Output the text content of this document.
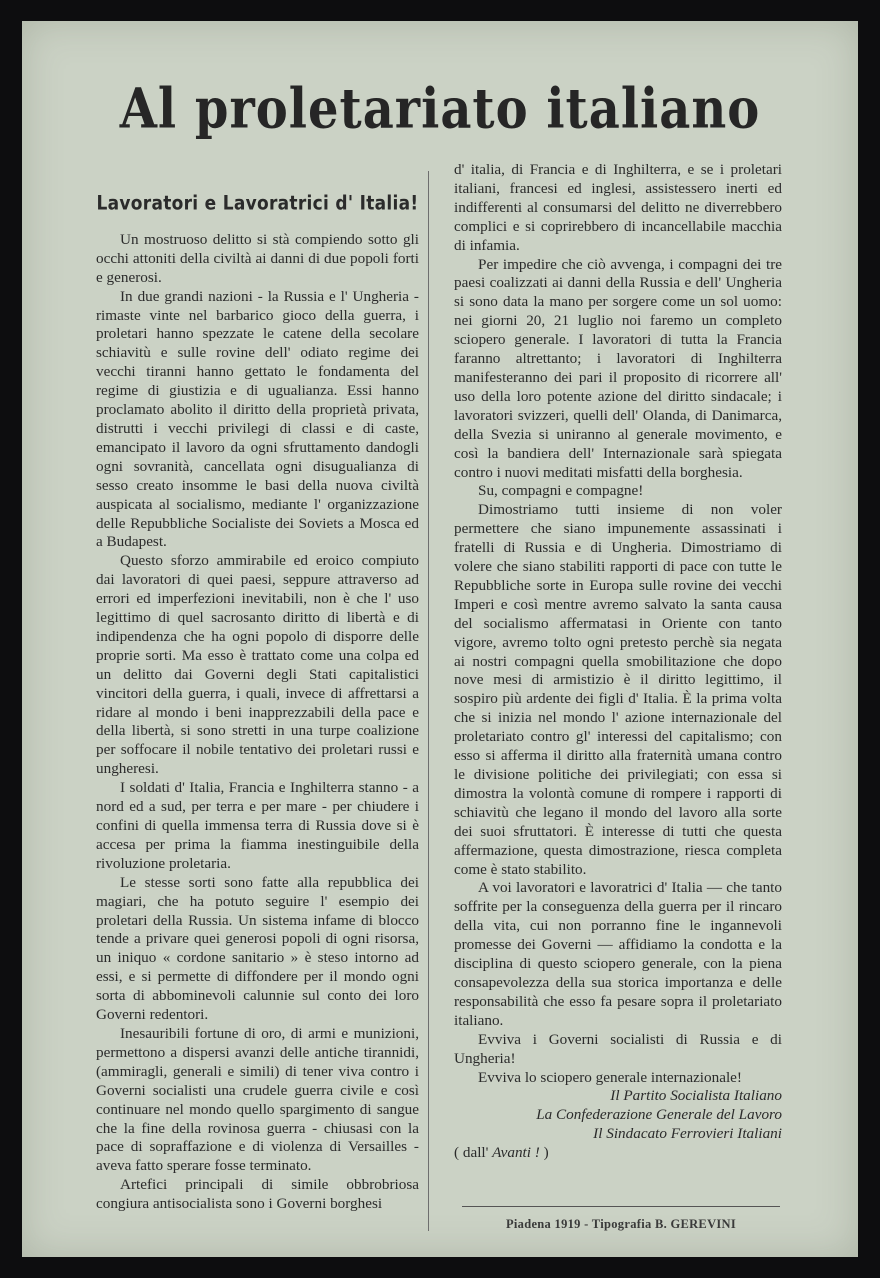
Al proletariato italiano
Lavoratori e Lavoratrici d' Italia!

Un mostruoso delitto si stà compiendo sotto gli occhi attoniti della civiltà ai danni di due popoli forti e generosi.

In due grandi nazioni - la Russia e l' Ungheria - rimaste vinte nel barbarico gioco della guerra, i proletari hanno spezzate le catene della secolare schiavitù e sulle rovine dell' odiato regime dei vecchi tiranni hanno gettato le fondamenta del regime di giustizia e di ugualianza. Essi hanno proclamato abolito il diritto della proprietà privata, distrutti i vecchi privilegi di classi e di caste, emancipato il lavoro da ogni sfruttamento dandogli ogni sovranità, cancellata ogni disugualianza di sesso creato insomme le basi della nuova civiltà auspicata al socialismo, mediante l' organizzazione delle Repubbliche Socialiste dei Soviets a Mosca ed a Budapest.

Questo sforzo ammirabile ed eroico compiuto dai lavoratori di quei paesi, seppure attraverso ad errori ed imperfezioni inevitabili, non è che l' uso legittimo di quel sacrosanto diritto di libertà e di indipendenza che ha ogni popolo di disporre delle proprie sorti. Ma esso è trattato come una colpa ed un delitto dai Governi degli Stati capitalistici vincitori della guerra, i quali, invece di affrettarsi a ridare al mondo i beni inapprezzabili della pace e della libertà, si sono stretti in una turpe coalizione per soffocare il nobile tentativo dei proletari russi e ungheresi.

I soldati d' Italia, Francia e Inghilterra stanno - a nord ed a sud, per terra e per mare - per chiudere i confini di quella immensa terra di Russia dove si è accesa per prima la fiamma inestinguibile della rivoluzione proletaria.

Le stesse sorti sono fatte alla repubblica dei magiari, che ha potuto seguire l' esempio dei proletari della Russia. Un sistema infame di blocco tende a privare quei generosi popoli di ogni risorsa, un iniquo « cordone sanitario » è steso intorno ad essi, e si permette di diffondere per il mondo ogni sorta di abbominevoli calunnie sul conto dei loro Governi redentori.

Inesauribili fortune di oro, di armi e munizioni, permettono a dispersi avanzi delle antiche tirannidi, (ammiragli, generali e simili) di tener viva contro i Governi socialisti una crudele guerra civile e così continuare nel mondo quello spargimento di sangue che la fine della rovinosa guerra - chiusasi con la pace di sopraffazione e di violenza di Versailles - aveva fatto sperare fosse terminato.

Artefici principali di simile obbrobriosa congiura antisocialista sono i Governi borghesi

d' italia, di Francia e di Inghilterra, e se i proletari italiani, francesi ed inglesi, assistessero inerti ed indifferenti al consumarsi del delitto ne diverrebbero complici e si coprirebbero di incancellabile macchia di infamia.

Per impedire che ciò avvenga, i compagni dei tre paesi coalizzati ai danni della Russia e dell' Ungheria si sono data la mano per sorgere come un sol uomo: nei giorni 20, 21 luglio noi faremo un completo sciopero generale. I lavoratori di tutta la Francia faranno altrettanto; i lavoratori di Inghilterra manifesteranno dei pari il proposito di ricorrere all' uso della loro potente azione del diritto sindacale; i lavoratori svizzeri, quelli dell' Olanda, di Danimarca, della Svezia si uniranno al generale movimento, e così la bandiera dell' Internazionale sarà spiegata contro i nuovi meditati misfatti della borghesia.

Su, compagni e compagne!

Dimostriamo tutti insieme di non voler permettere che siano impunemente assassinati i fratelli di Russia e di Ungheria. Dimostriamo di volere che siano stabiliti rapporti di pace con tutte le Repubbliche sorte in Europa sulle rovine dei vecchi Imperi e così mentre avremo salvato la santa causa del socialismo affermatasi in Oriente con tanto vigore, avremo tolto ogni pretesto perchè sia negata ai nostri compagni quella smobilitazione che dopo nove mesi di armistizio è il diritto legittimo, il sospiro più ardente dei figli d' Italia. È la prima volta che si inizia nel mondo l' azione internazionale del proletariato contro gl' interessi del capitalismo; con esso si afferma il diritto alla fraternità umana contro le divisione politiche dei privilegiati; con essa si dimostra la volontà comune di rompere i rapporti di schiavitù che legano il mondo del lavoro alla sorte dei suoi sfruttatori. È interesse di tutti che questa affermazione, questa dimostrazione, riesca completa come è stato stabilito.

A voi lavoratori e lavoratrici d' Italia — che tanto soffrite per la conseguenza della guerra per il rincaro della vita, cui non porranno fine le ingannevoli promesse dei Governi — affidiamo la condotta e la disciplina di questo sciopero generale, con la piena consapevolezza della sua storica importanza e delle responsabilità che esso fa pesare sopra il proletariato italiano.

Evviva i Governi socialisti di Russia e di Ungheria!

Evviva lo sciopero generale internazionale!

Il Partito Socialista Italiano
La Confederazione Generale del Lavoro
Il Sindacato Ferrovieri Italiani

( dall' Avanti ! )

Piadena 1919 - Tipografia B. GEREVINI
